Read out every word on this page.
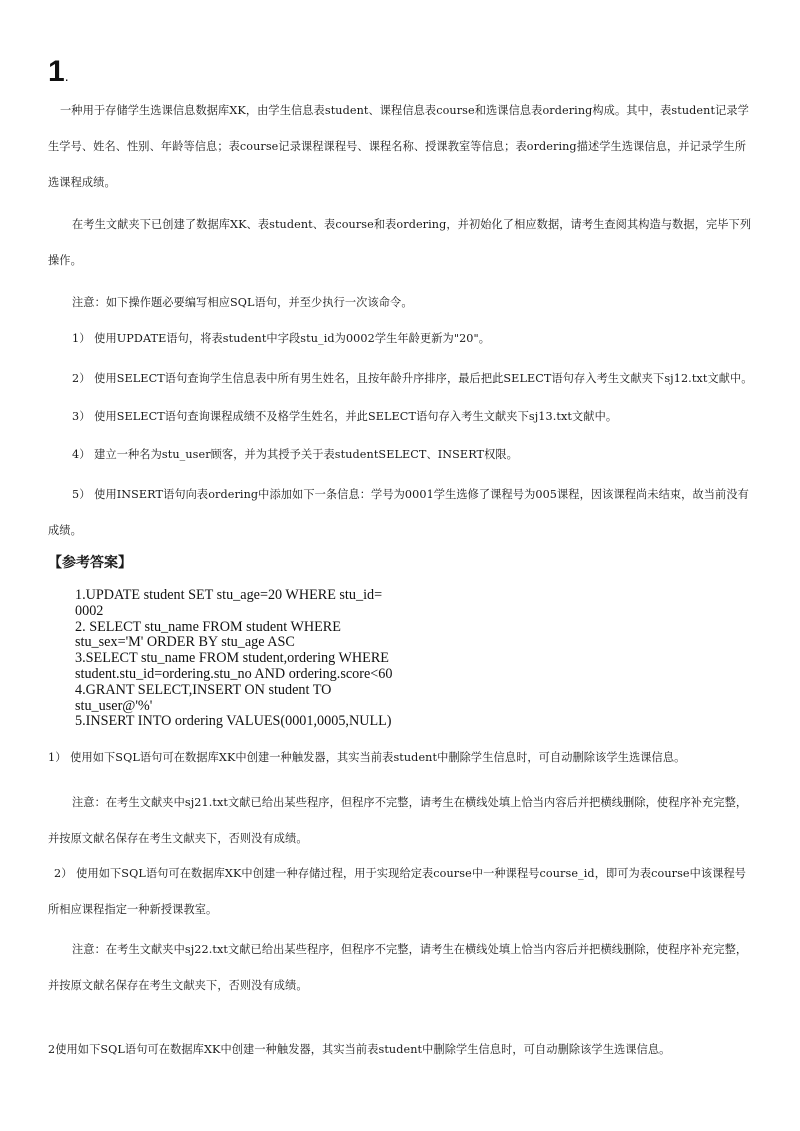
1.
一种用于存储学生选课信息数据库XK，由学生信息表student、课程信息表course和选课信息表ordering构成。其中，表student记录学生学号、姓名、性别、年龄等信息；表course记录课程课程号、课程名称、授课教室等信息；表ordering描述学生选课信息，并记录学生所选课程成绩。
在考生文献夹下已创建了数据库XK、表student、表course和表ordering，并初始化了相应数据，请考生查阅其构造与数据，完毕下列操作。
注意：如下操作题必要编写相应SQL语句，并至少执行一次该命令。
1） 使用UPDATE语句，将表student中字段stu_id为0002学生年龄更新为"20"。
2） 使用SELECT语句查询学生信息表中所有男生姓名，且按年龄升序排序，最后把此SELECT语句存入考生文献夹下sj12.txt文献中。
3） 使用SELECT语句查询课程成绩不及格学生姓名，并此SELECT语句存入考生文献夹下sj13.txt文献中。
4） 建立一种名为stu_user顾客，并为其授予关于表studentSELECT、INSERT权限。
5） 使用INSERT语句向表ordering中添加如下一条信息：学号为0001学生选修了课程号为005课程，因该课程尚未结束，故当前没有成绩。
【参考答案】
1.UPDATE student SET stu_age=20 WHERE stu_id=
0002
2. SELECT stu_name FROM student WHERE
stu_sex='M' ORDER BY stu_age ASC
3.SELECT stu_name FROM student,ordering WHERE
student.stu_id=ordering.stu_no AND ordering.score<60
4.GRANT SELECT,INSERT ON student TO
stu_user@'%'
5.INSERT INTO ordering VALUES(0001,0005,NULL)
1） 使用如下SQL语句可在数据库XK中创建一种触发器，其实当前表student中删除学生信息时，可自动删除该学生选课信息。
注意：在考生文献夹中sj21.txt文献已给出某些程序，但程序不完整，请考生在横线处填上恰当内容后并把横线删除，使程序补充完整，并按原文献名保存在考生文献夹下，否则没有成绩。
2） 使用如下SQL语句可在数据库XK中创建一种存储过程，用于实现给定表course中一种课程号course_id，即可为表course中该课程号所相应课程指定一种新授课教室。
注意：在考生文献夹中sj22.txt文献已给出某些程序，但程序不完整，请考生在横线处填上恰当内容后并把横线删除，使程序补充完整，并按原文献名保存在考生文献夹下，否则没有成绩。
2使用如下SQL语句可在数据库XK中创建一种触发器，其实当前表student中删除学生信息时，可自动删除该学生选课信息。
